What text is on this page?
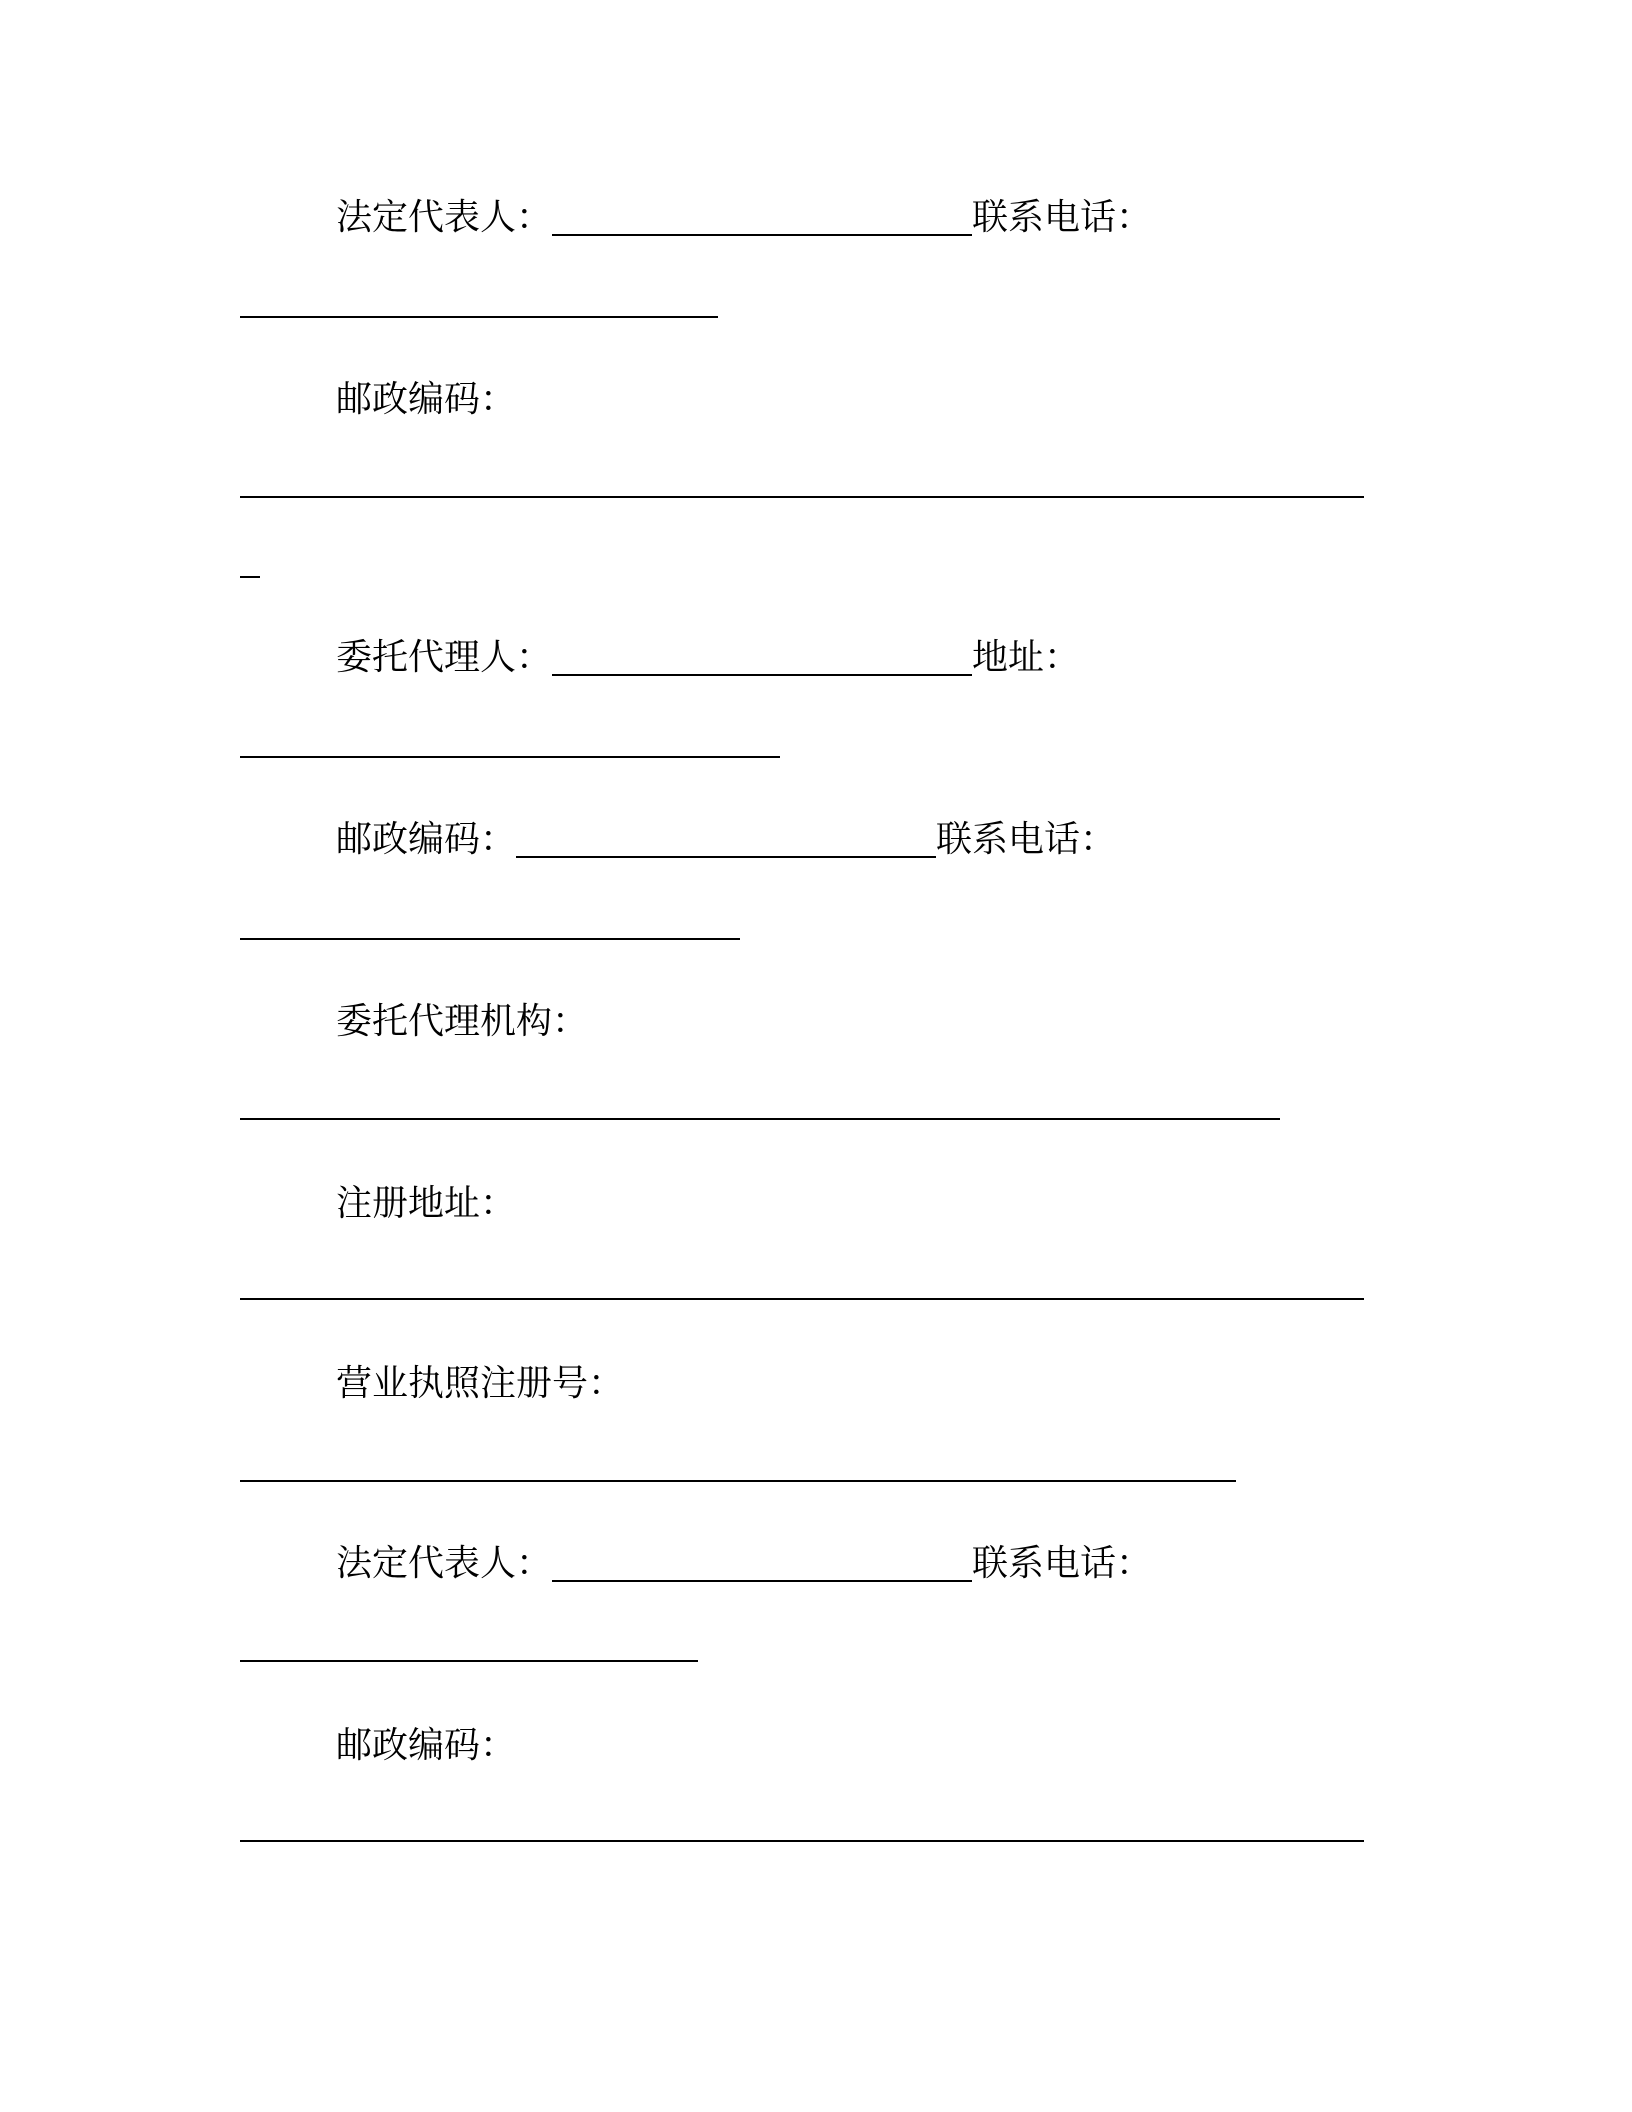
法定代表人：	联系电话：
邮政编码：
委托代理人：	地址：
邮政编码：	联系电话：
委托代理机构：
注册地址：
营业执照注册号：
法定代表人：	联系电话：
邮政编码：
